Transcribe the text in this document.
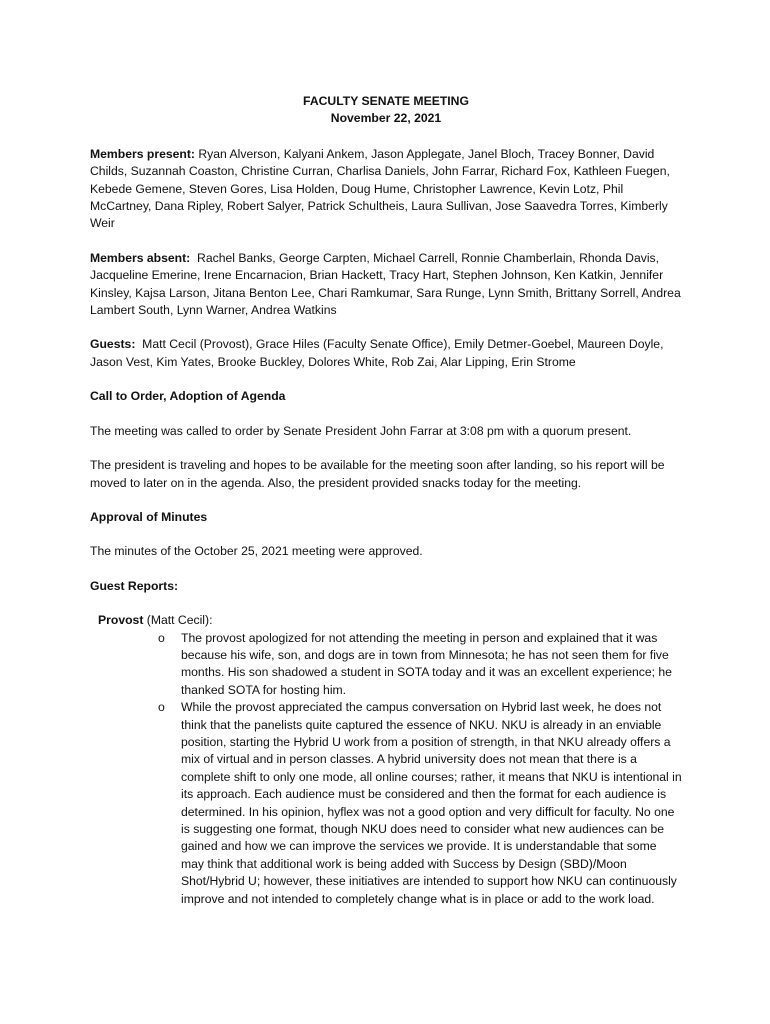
FACULTY SENATE MEETING
November 22, 2021

Members present: Ryan Alverson, Kalyani Ankem, Jason Applegate, Janel Bloch, Tracey Bonner, David Childs, Suzannah Coaston, Christine Curran, Charlisa Daniels, John Farrar, Richard Fox, Kathleen Fuegen, Kebede Gemene, Steven Gores, Lisa Holden, Doug Hume, Christopher Lawrence, Kevin Lotz, Phil McCartney, Dana Ripley, Robert Salyer, Patrick Schultheis, Laura Sullivan, Jose Saavedra Torres, Kimberly Weir

Members absent:  Rachel Banks, George Carpten, Michael Carrell, Ronnie Chamberlain, Rhonda Davis, Jacqueline Emerine, Irene Encarnacion, Brian Hackett, Tracy Hart, Stephen Johnson, Ken Katkin, Jennifer Kinsley, Kajsa Larson, Jitana Benton Lee, Chari Ramkumar, Sara Runge, Lynn Smith, Brittany Sorrell, Andrea Lambert South, Lynn Warner, Andrea Watkins

Guests:  Matt Cecil (Provost), Grace Hiles (Faculty Senate Office), Emily Detmer-Goebel, Maureen Doyle, Jason Vest, Kim Yates, Brooke Buckley, Dolores White, Rob Zai, Alar Lipping, Erin Strome

Call to Order, Adoption of Agenda

The meeting was called to order by Senate President John Farrar at 3:08 pm with a quorum present.

The president is traveling and hopes to be available for the meeting soon after landing, so his report will be moved to later on in the agenda. Also, the president provided snacks today for the meeting.

Approval of Minutes

The minutes of the October 25, 2021 meeting were approved.

Guest Reports:
Provost (Matt Cecil):
o The provost apologized for not attending the meeting in person and explained that it was because his wife, son, and dogs are in town from Minnesota; he has not seen them for five months. His son shadowed a student in SOTA today and it was an excellent experience; he thanked SOTA for hosting him.
o While the provost appreciated the campus conversation on Hybrid last week, he does not think that the panelists quite captured the essence of NKU. NKU is already in an enviable position, starting the Hybrid U work from a position of strength, in that NKU already offers a mix of virtual and in person classes. A hybrid university does not mean that there is a complete shift to only one mode, all online courses; rather, it means that NKU is intentional in its approach. Each audience must be considered and then the format for each audience is determined. In his opinion, hyflex was not a good option and very difficult for faculty. No one is suggesting one format, though NKU does need to consider what new audiences can be gained and how we can improve the services we provide. It is understandable that some may think that additional work is being added with Success by Design (SBD)/Moon Shot/Hybrid U; however, these initiatives are intended to support how NKU can continuously improve and not intended to completely change what is in place or add to the work load.
